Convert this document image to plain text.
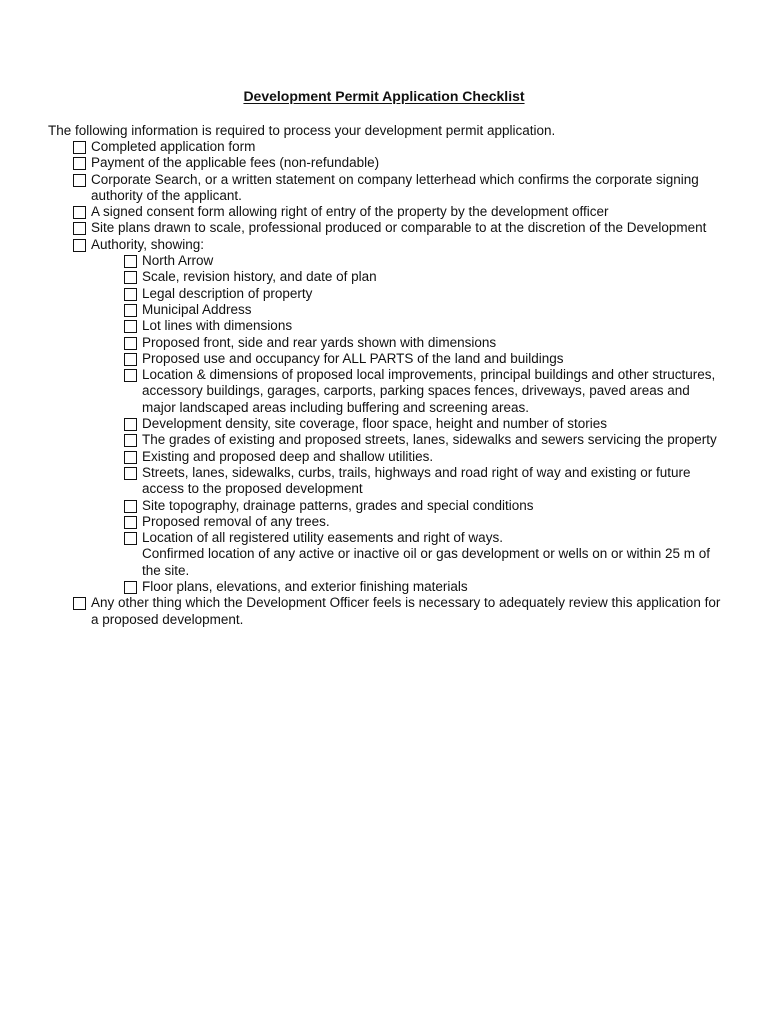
Development Permit Application Checklist
The following information is required to process your development permit application.
Completed application form
Payment of the applicable fees (non-refundable)
Corporate Search, or a written statement on company letterhead which confirms the corporate signing authority of the applicant.
A signed consent form allowing right of entry of the property by the development officer
Site plans drawn to scale, professional produced or comparable to at the discretion of the Development
Authority, showing:
North Arrow
Scale, revision history, and date of plan
Legal description of property
Municipal Address
Lot lines with dimensions
Proposed front, side and rear yards shown with dimensions
Proposed use and occupancy for ALL PARTS of the land and buildings
Location & dimensions of proposed local improvements, principal buildings and other structures, accessory buildings, garages, carports, parking spaces fences, driveways, paved areas and major landscaped areas including buffering and screening areas.
Development density, site coverage, floor space, height and number of stories
The grades of existing and proposed streets, lanes, sidewalks and sewers servicing the property
Existing and proposed deep and shallow utilities.
Streets, lanes, sidewalks, curbs, trails, highways and road right of way and existing or future access to the proposed development
Site topography, drainage patterns, grades and special conditions
Proposed removal of any trees.
Location of all registered utility easements and right of ways.
Confirmed location of any active or inactive oil or gas development or wells on or within 25 m of the site.
Floor plans, elevations, and exterior finishing materials
Any other thing which the Development Officer feels is necessary to adequately review this application for a proposed development.
